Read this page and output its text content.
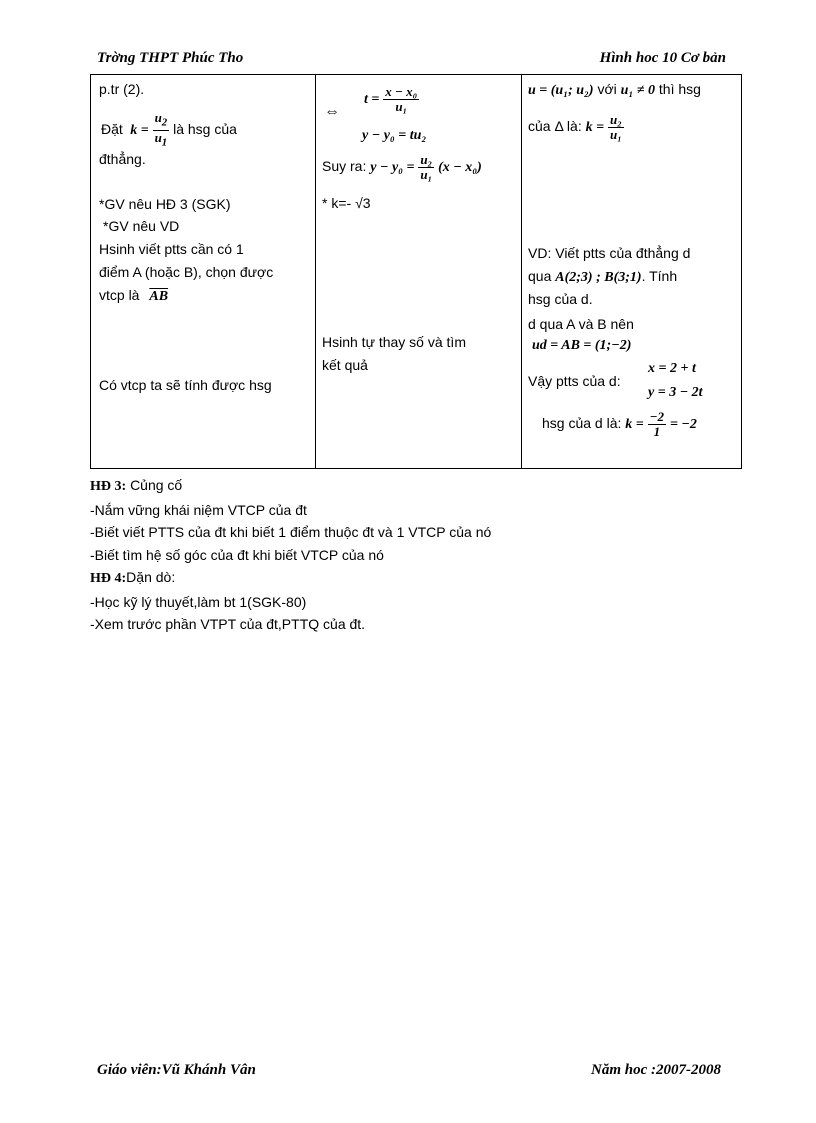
Trờng THPT Phúc Tho	Hình hoc 10 Cơ bản
p.tr (2).
Đặt  $k = \frac{u_2}{u_1}$ là hsg của
đthẳng.
*GV nêu HĐ 3 (SGK)
*GV nêu VD
Hsinh viết ptts cần có 1
điểm A (hoặc B), chọn được
vtcp là $\overline{AB}$
Có vtcp ta sẽ tính được hsg

⇔
$t = \frac{\text{x − x₀}}{\text{u₁}}$
y − y₀ = tu₂
Suy ra: $y - y_0 = \frac{\text{u₂}}{\text{u₁}} (x - x_0)$
* k=- √3
Hsinh tự thay số và tìm
kết quả

u = (u₁; u₂) với u₁ ≠ 0 thì hsg
của Δ là: $k = \frac{\text{u₂}}{\text{u₁}}$
VD: Viết ptts của đthẳng d
qua A(2;3) ; B(3;1). Tính
hsg của d.
d qua A và B nên
ud = AB = (1;−2)
Vậy ptts của d:
x = 2 + t
y = 3 − 2t
hsg của d là: $k = \frac{-2}{1} = -2$
HĐ 3: Củng cố
-Nắm vững khái niệm VTCP của đt
-Biết viết PTTS của đt khi biết 1 điểm thuộc đt và 1 VTCP của nó
-Biết tìm hệ số góc của đt khi biết VTCP của nó
HĐ 4:Dặn dò:
-Học kỹ lý thuyết,làm bt 1(SGK-80)
-Xem trước phần VTPT của đt,PTTQ của đt.
Giáo viên:Vũ Khánh Vân	Năm hoc :2007-2008
